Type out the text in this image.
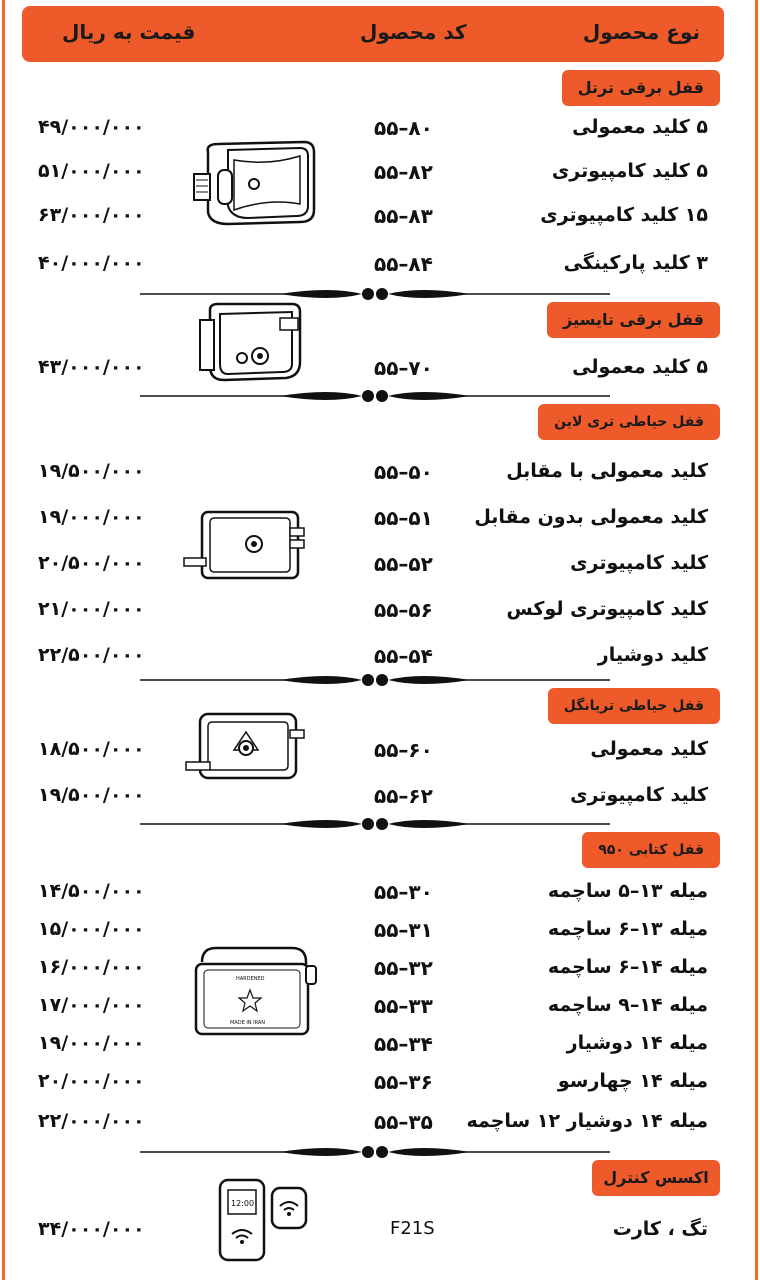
نوع محصول
کد محصول
قیمت به ریال
قفل برقی ترتل
۵ کلید معمولی
۵۵–۸۰
۴۹/۰۰۰/۰۰۰
۵ کلید کامپیوتری
۵۵–۸۲
۵۱/۰۰۰/۰۰۰
۱۵ کلید کامپیوتری
۵۵–۸۳
۶۳/۰۰۰/۰۰۰
۳ کلید پارکینگی
۵۵–۸۴
۴۰/۰۰۰/۰۰۰
قفل برقی تایسیز
۵ کلید معمولی
۵۵–۷۰
۴۳/۰۰۰/۰۰۰
قفل حیاطی تری لاین
کلید معمولی با مقابل
۵۵–۵۰
۱۹/۵۰۰/۰۰۰
کلید معمولی بدون مقابل
۵۵–۵۱
۱۹/۰۰۰/۰۰۰
کلید کامپیوتری
۵۵–۵۲
۲۰/۵۰۰/۰۰۰
کلید کامپیوتری لوکس
۵۵–۵۶
۲۱/۰۰۰/۰۰۰
کلید دوشیار
۵۵–۵۴
۲۲/۵۰۰/۰۰۰
قفل حیاطی تریانگل
کلید معمولی
۵۵–۶۰
۱۸/۵۰۰/۰۰۰
کلید کامپیوتری
۵۵–۶۲
۱۹/۵۰۰/۰۰۰
قفل کتابی ۹۵۰
میله ۱۳–۵ ساچمه
۵۵–۳۰
۱۴/۵۰۰/۰۰۰
میله ۱۳–۶ ساچمه
۵۵–۳۱
۱۵/۰۰۰/۰۰۰
میله ۱۴–۶ ساچمه
۵۵–۳۲
۱۶/۰۰۰/۰۰۰
میله ۱۴–۹ ساچمه
۵۵–۳۳
۱۷/۰۰۰/۰۰۰
میله ۱۴ دوشیار
۵۵–۳۴
۱۹/۰۰۰/۰۰۰
میله ۱۴ چهارسو
۵۵–۳۶
۲۰/۰۰۰/۰۰۰
میله ۱۴ دوشیار ۱۲ ساچمه
۵۵–۳۵
۲۲/۰۰۰/۰۰۰
HARDENED
MADE IN IRAN
اکسس کنترل
تگ ، کارت
F21S
۳۴/۰۰۰/۰۰۰
12:00
